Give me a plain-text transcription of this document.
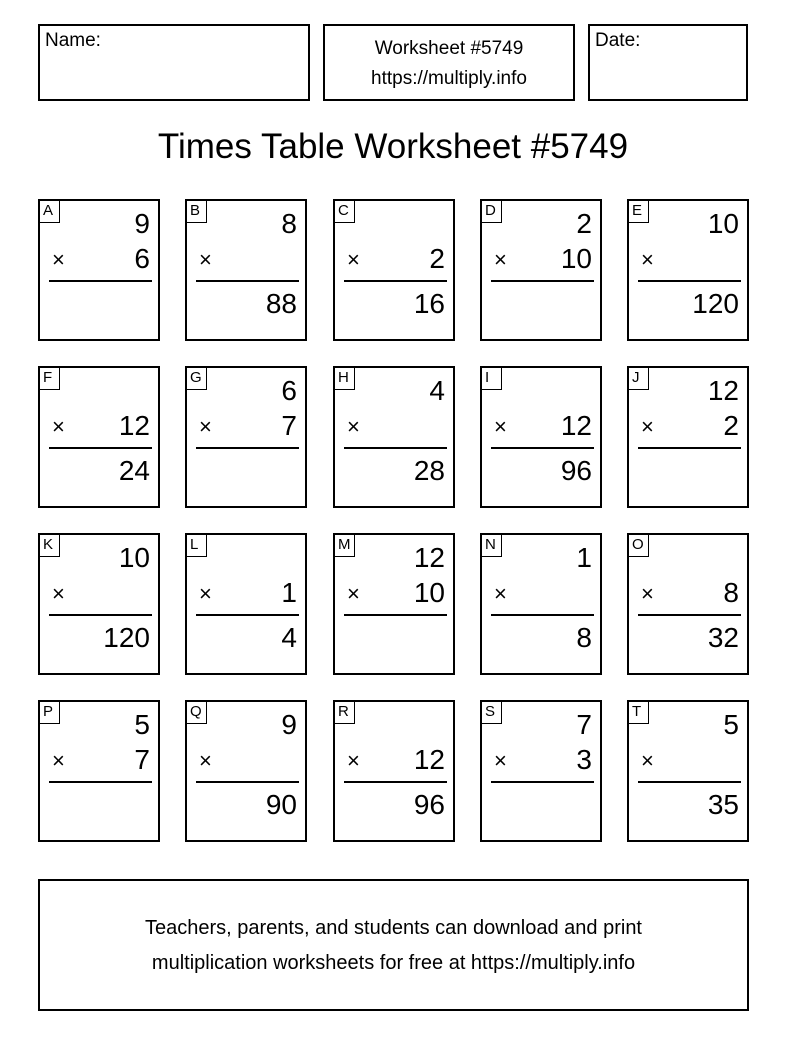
Name:	Worksheet #5749
https://multiply.info
Date:
Times Table Worksheet #5749
A	9
× 6
B	8
×
88
C
× 2
16
D	2
× 10
E 10
×
120
F
× 12
24
G	6
× 7
H	4
×
28
I
× 12
96
J	12
× 2
K 10
×
120
L
× 1
4
M 12
× 10
N	1
×
8
O
× 8
32
P	5
× 7
Q	9
×
90
R
× 12
96
S	7
× 3
T	5
×
35
Teachers, parents, and students can download and print
multiplication worksheets for free at https://multiply.info
